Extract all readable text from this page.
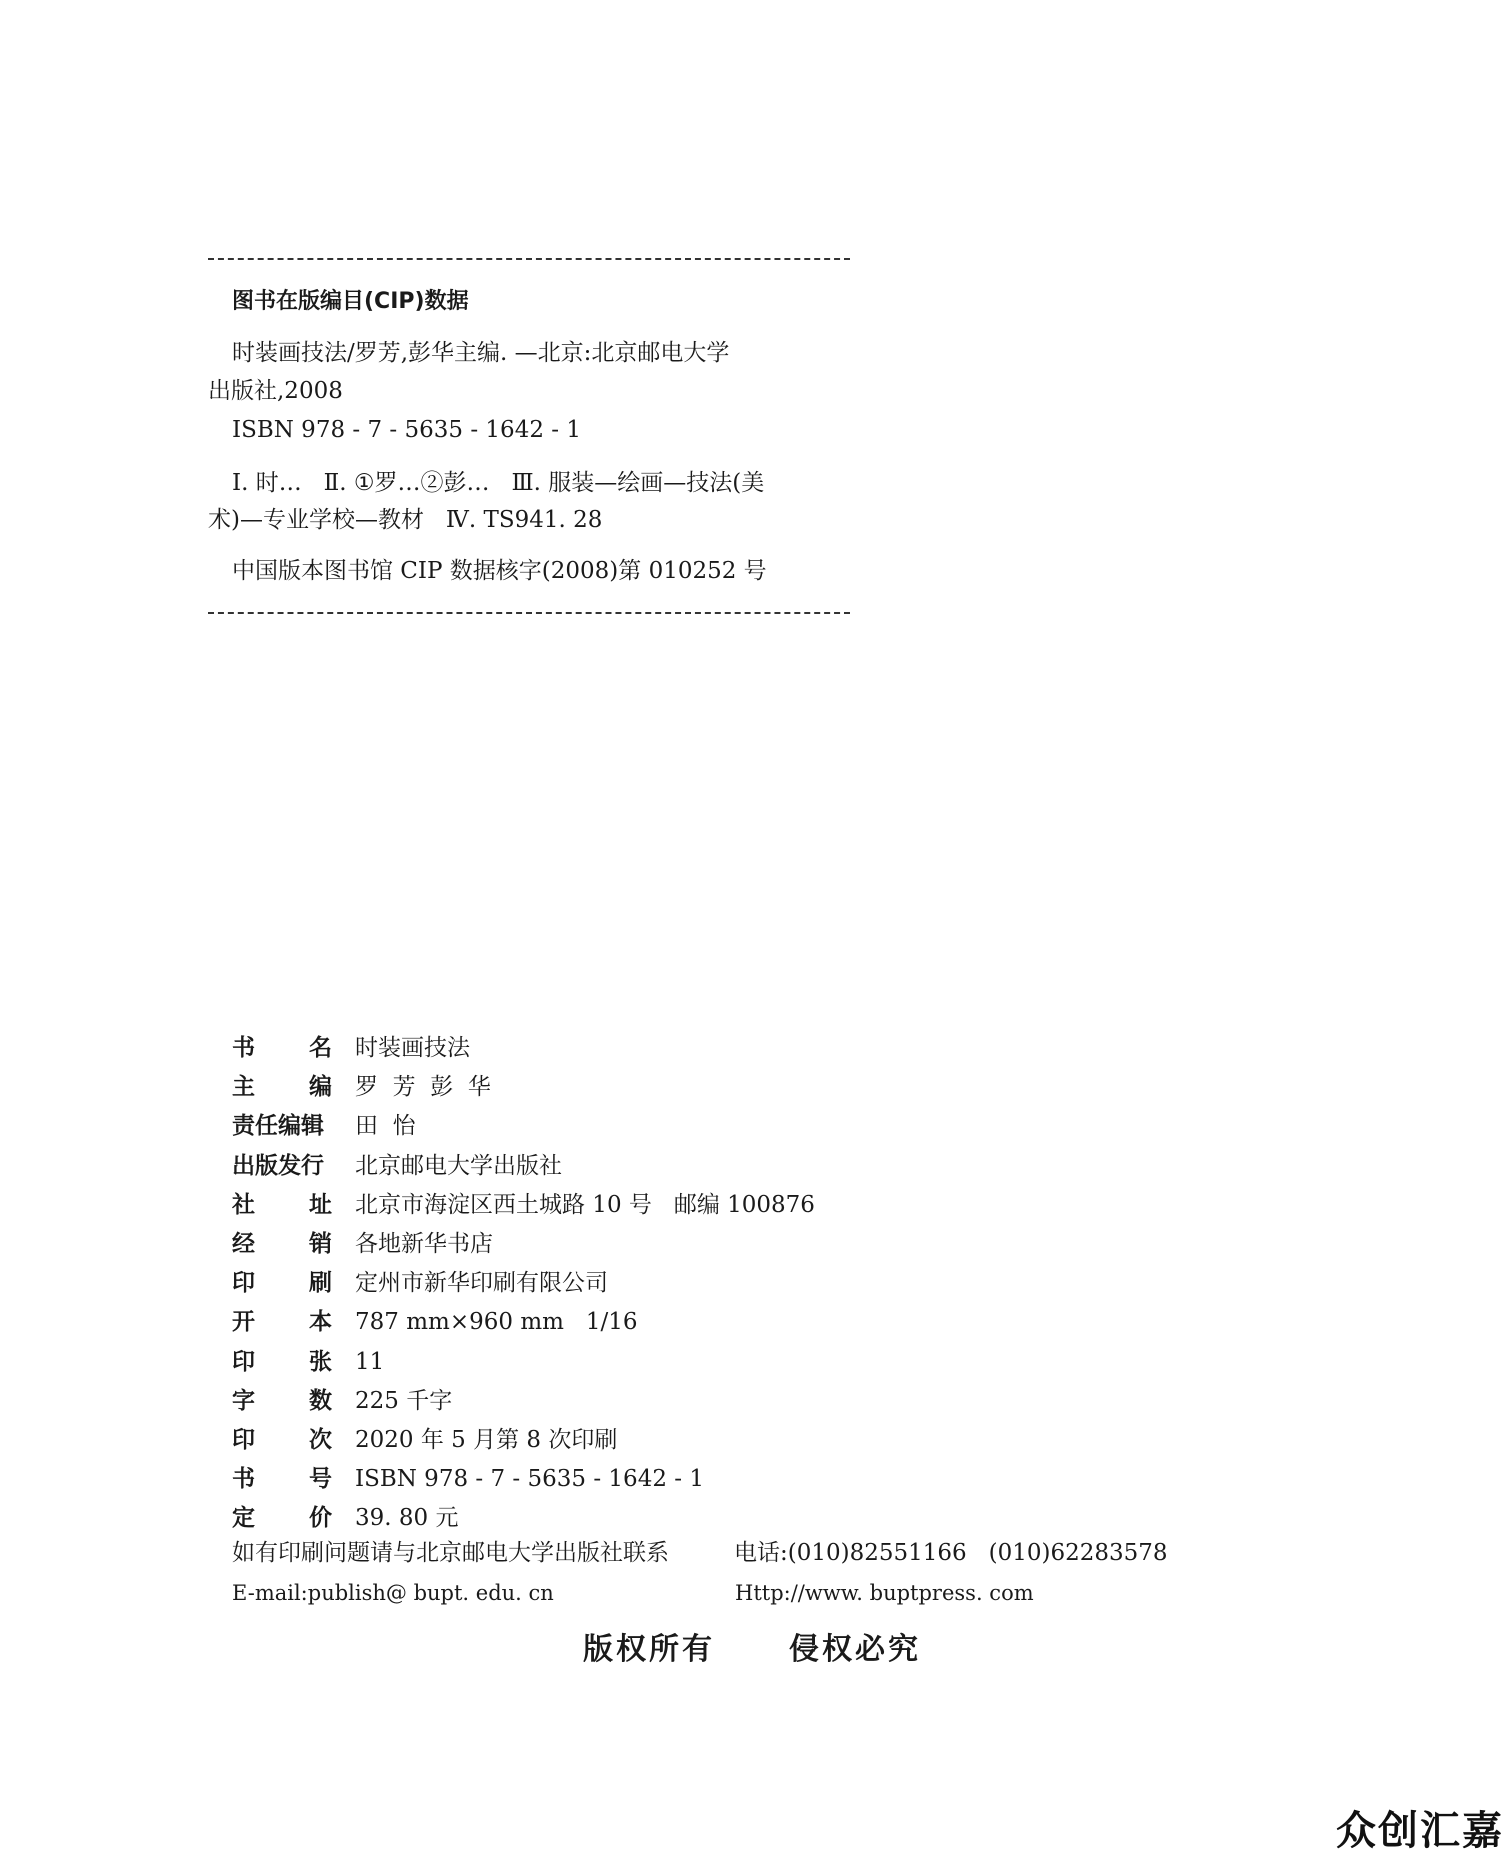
图书在版编目(CIP)数据
时装画技法/罗芳,彭华主编. —北京:北京邮电大学
出版社,2008
ISBN 978 - 7 - 5635 - 1642 - 1
Ⅰ. 时…   Ⅱ. ①罗…②彭…   Ⅲ. 服装—绘画—技法(美
术)—专业学校—教材   Ⅳ. TS941. 28
中国版本图书馆 CIP 数据核字(2008)第 010252 号
书 名 时装画技法
主 编 罗  芳  彭  华
责任编辑	田  怡
出版发行	北京邮电大学出版社
社 址 北京市海淀区西土城路 10 号   邮编 100876
经 销 各地新华书店
印 刷 定州市新华印刷有限公司
开 本 787 mm×960 mm   1/16
印 张 11
字 数 225 千字
印 次 2020 年 5 月第 8 次印刷
书 号 ISBN 978 - 7 - 5635 - 1642 - 1
定 价 39. 80 元
如有印刷问题请与北京邮电大学出版社联系	电话:(010)82551166   (010)62283578
E-mail:publish@ bupt. edu. cn	Http://www. buptpress. com
版权所有 侵权必究
众创汇嘉
